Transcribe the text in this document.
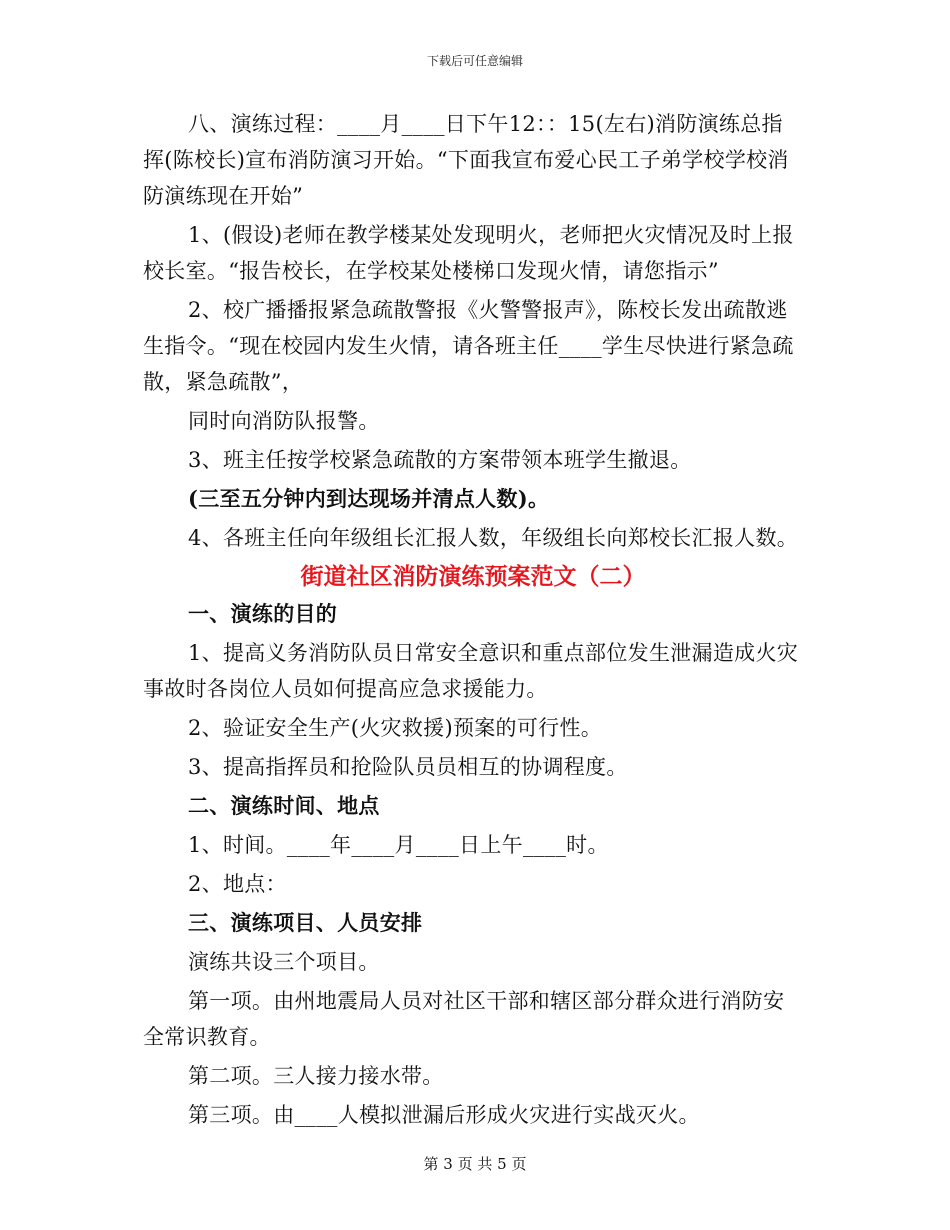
下载后可任意编辑

八、演练过程：____月____日下午12：：15(左右)消防演练总指挥(陈校长)宣布消防演习开始。“下面我宣布爱心民工子弟学校学校消防演练现在开始”

1、(假设)老师在教学楼某处发现明火，老师把火灾情况及时上报校长室。“报告校长，在学校某处楼梯口发现火情，请您指示”

2、校广播播报紧急疏散警报《火警警报声》，陈校长发出疏散逃生指令。“现在校园内发生火情，请各班主任____学生尽快进行紧急疏散，紧急疏散”，

同时向消防队报警。

3、班主任按学校紧急疏散的方案带领本班学生撤退。

(三至五分钟内到达现场并清点人数)。

4、各班主任向年级组长汇报人数，年级组长向郑校长汇报人数。

街道社区消防演练预案范文（二）

一、演练的目的

1、提高义务消防队员日常安全意识和重点部位发生泄漏造成火灾事故时各岗位人员如何提高应急求援能力。

2、验证安全生产(火灾救援)预案的可行性。

3、提高指挥员和抢险队员员相互的协调程度。

二、演练时间、地点

1、时间。____年____月____日上午____时。

2、地点：

三、演练项目、人员安排

演练共设三个项目。

第一项。由州地震局人员对社区干部和辖区部分群众进行消防安全常识教育。

第二项。三人接力接水带。

第三项。由____人模拟泄漏后形成火灾进行实战灭火。

第 3 页 共 5 页
